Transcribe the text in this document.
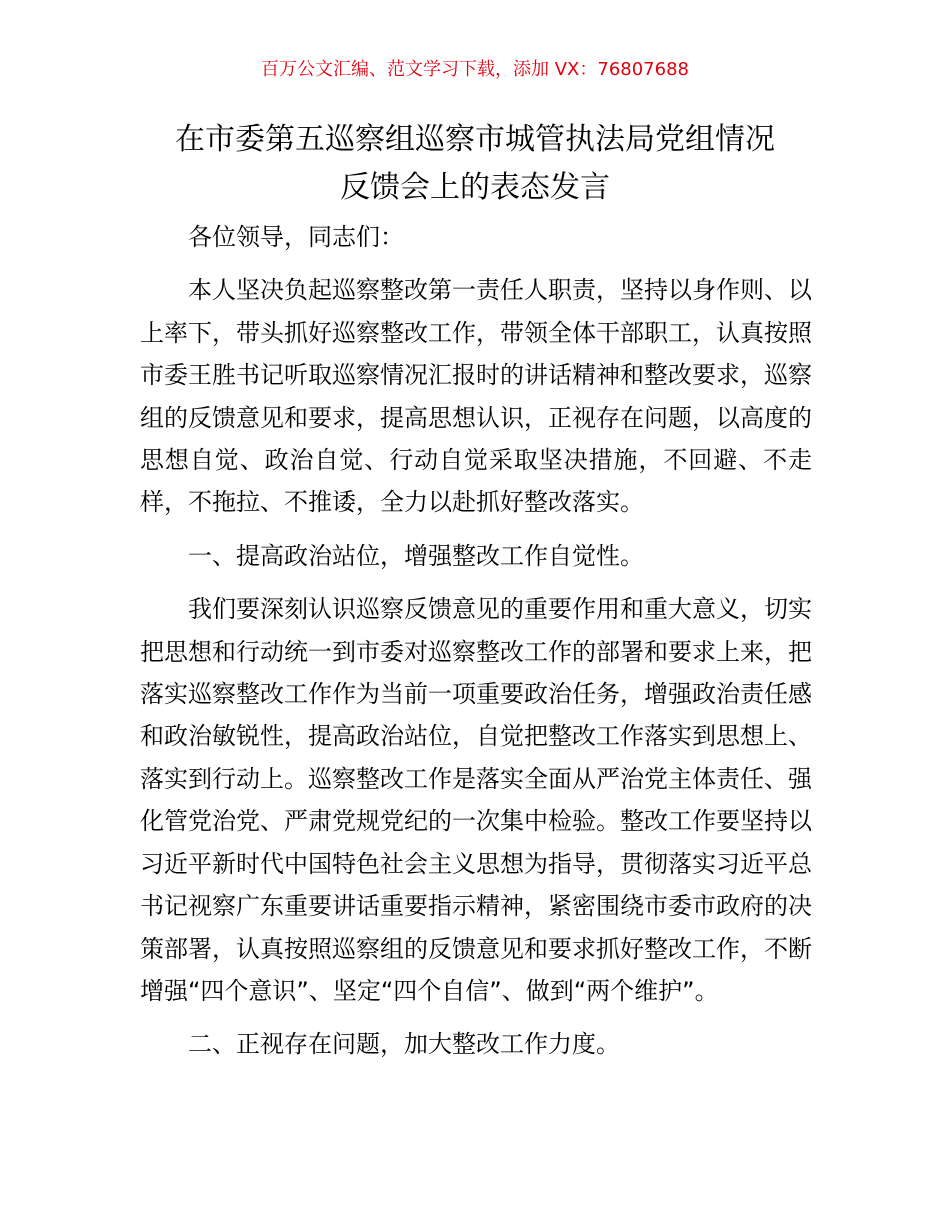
百万公文汇编、范文学习下载，添加 VX：76807688
在市委第五巡察组巡察市城管执法局党组情况
反馈会上的表态发言

各位领导，同志们：

本人坚决负起巡察整改第一责任人职责，坚持以身作则、以上率下，带头抓好巡察整改工作，带领全体干部职工，认真按照市委王胜书记听取巡察情况汇报时的讲话精神和整改要求，巡察组的反馈意见和要求，提高思想认识，正视存在问题，以高度的思想自觉、政治自觉、行动自觉采取坚决措施，不回避、不走样，不拖拉、不推诿，全力以赴抓好整改落实。

一、提高政治站位，增强整改工作自觉性。

我们要深刻认识巡察反馈意见的重要作用和重大意义，切实把思想和行动统一到市委对巡察整改工作的部署和要求上来，把落实巡察整改工作作为当前一项重要政治任务，增强政治责任感和政治敏锐性，提高政治站位，自觉把整改工作落实到思想上、落实到行动上。巡察整改工作是落实全面从严治党主体责任、强化管党治党、严肃党规党纪的一次集中检验。整改工作要坚持以习近平新时代中国特色社会主义思想为指导，贯彻落实习近平总书记视察广东重要讲话重要指示精神，紧密围绕市委市政府的决策部署，认真按照巡察组的反馈意见和要求抓好整改工作，不断增强“四个意识”、坚定“四个自信”、做到“两个维护”。

二、正视存在问题，加大整改工作力度。
